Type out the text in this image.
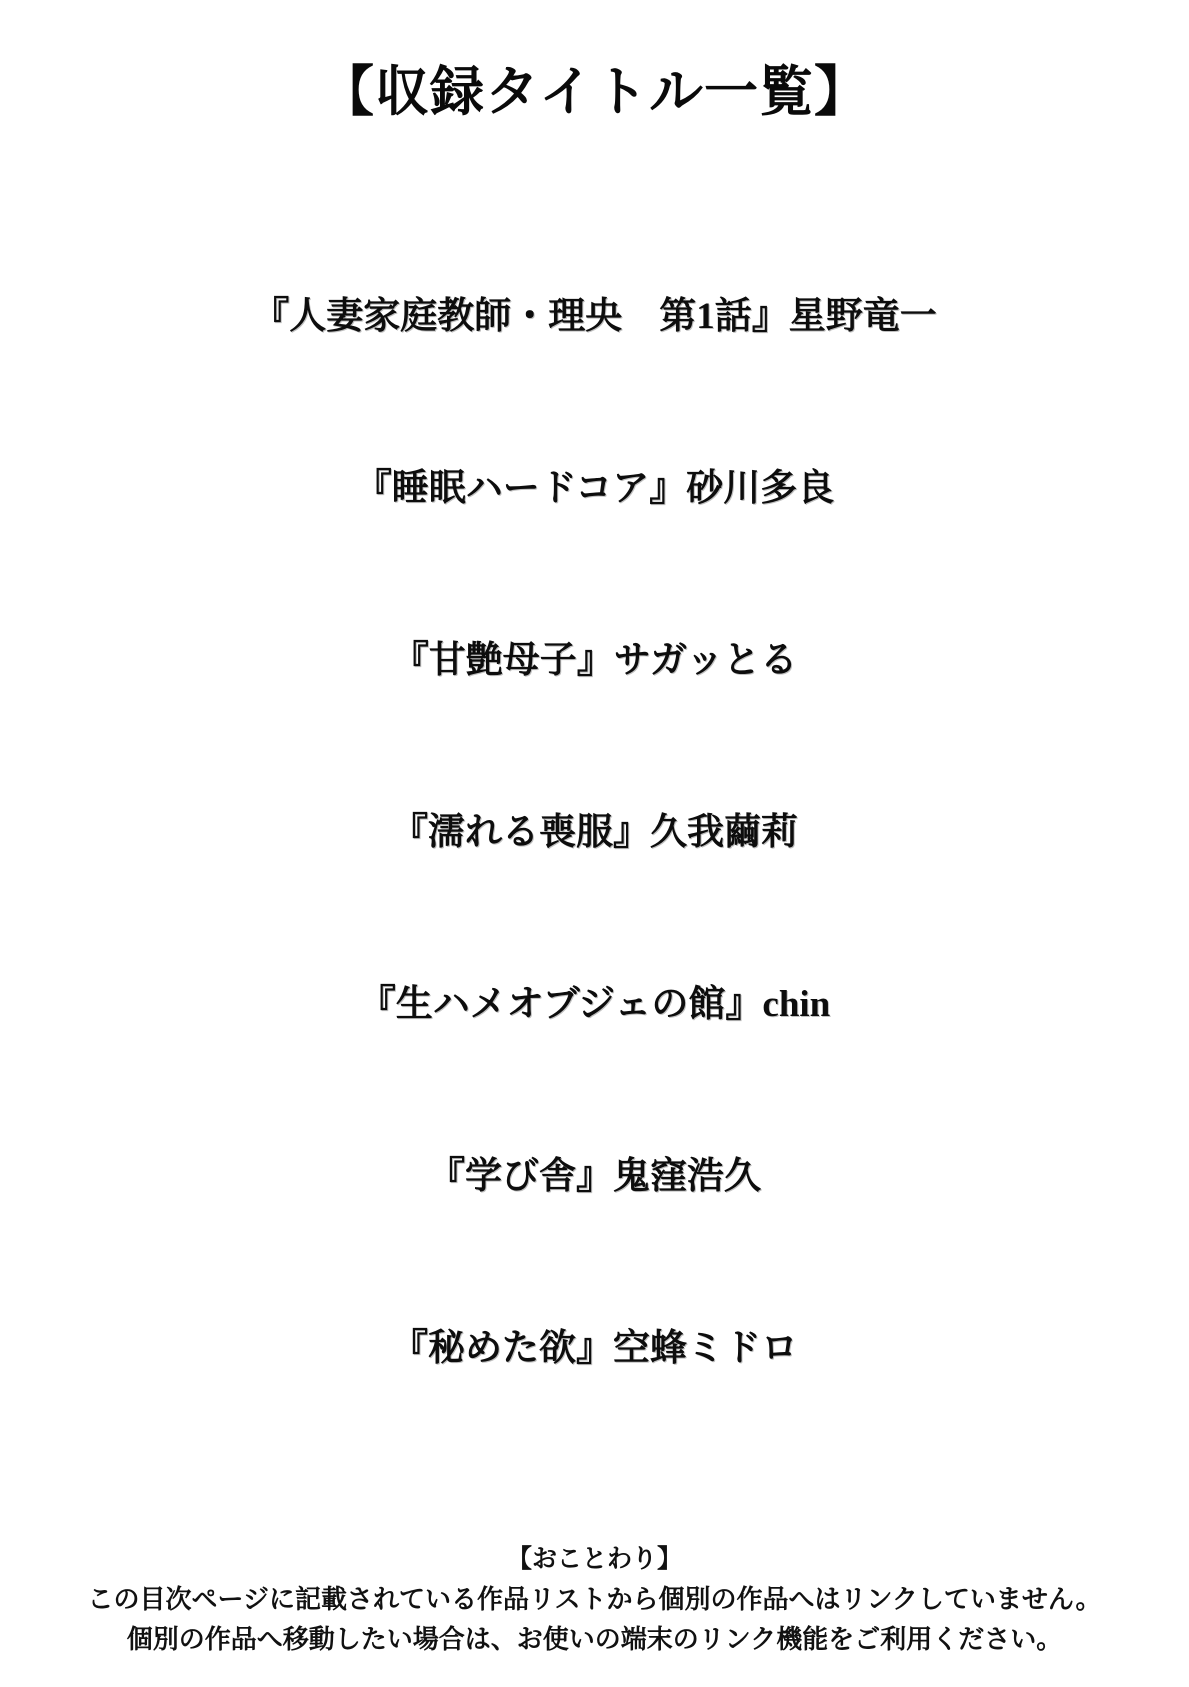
【収録タイトル一覧】
『人妻家庭教師・理央　第1話』星野竜一
『睡眠ハードコア』砂川多良
『甘艶母子』サガッとる
『濡れる喪服』久我繭莉
『生ハメオブジェの館』chin
『学び舎』鬼窪浩久
『秘めた欲』空蜂ミドロ

【おことわり】

この目次ページに記載されている作品リストから個別の作品へはリンクしていません。

個別の作品へ移動したい場合は、お使いの端末のリンク機能をご利用ください。
